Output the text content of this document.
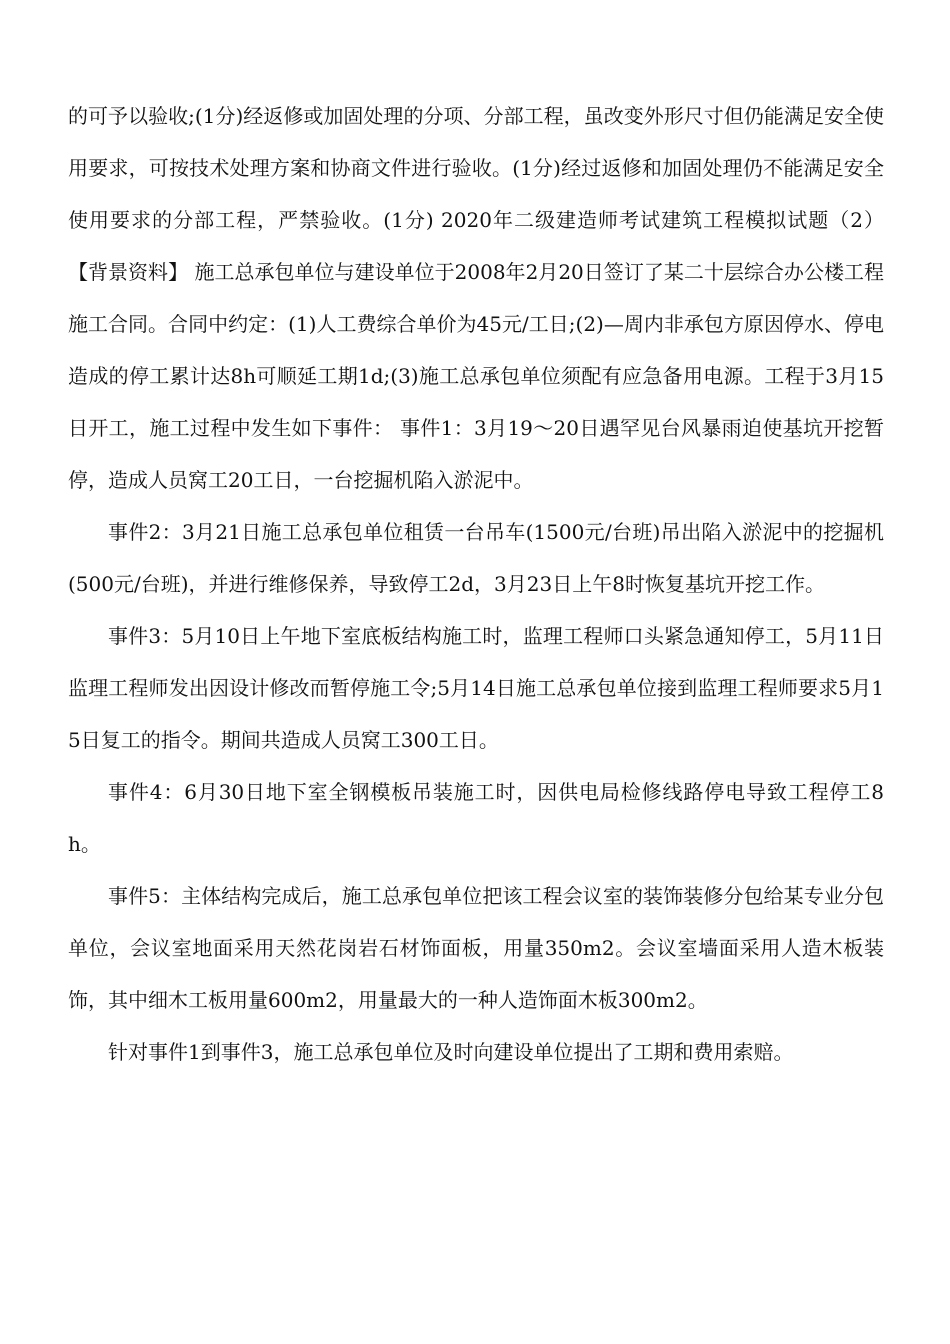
的可予以验收;(1分)经返修或加固处理的分项、分部工程，虽改变外形尺寸但仍能满足安全使用要求，可按技术处理方案和协商文件进行验收。(1分)经过返修和加固处理仍不能满足安全使用要求的分部工程，严禁验收。(1分) 2020年二级建造师考试建筑工程模拟试题（2） 【背景资料】 施工总承包单位与建设单位于2008年2月20日签订了某二十层综合办公楼工程施工合同。合同中约定：(1)人工费综合单价为45元/工日;(2)—周内非承包方原因停水、停电造成的停工累计达8h可顺延工期1d;(3)施工总承包单位须配有应急备用电源。工程于3月15日开工，施工过程中发生如下事件： 事件1：3月19～20日遇罕见台风暴雨迫使基坑开挖暂停，造成人员窝工20工日，一台挖掘机陷入淤泥中。

事件2：3月21日施工总承包单位租赁一台吊车(1500元/台班)吊出陷入淤泥中的挖掘机(500元/台班)，并进行维修保养，导致停工2d，3月23日上午8时恢复基坑开挖工作。

事件3：5月10日上午地下室底板结构施工时，监理工程师口头紧急通知停工，5月11日监理工程师发出因设计修改而暂停施工令;5月14日施工总承包单位接到监理工程师要求5月15日复工的指令。期间共造成人员窝工300工日。

事件4：6月30日地下室全钢模板吊装施工时，因供电局检修线路停电导致工程停工8h。

事件5：主体结构完成后，施工总承包单位把该工程会议室的装饰装修分包给某专业分包单位，会议室地面采用天然花岗岩石材饰面板，用量350m2。会议室墙面采用人造木板装饰，其中细木工板用量600m2，用量最大的一种人造饰面木板300m2。

针对事件1到事件3，施工总承包单位及时向建设单位提出了工期和费用索赔。
